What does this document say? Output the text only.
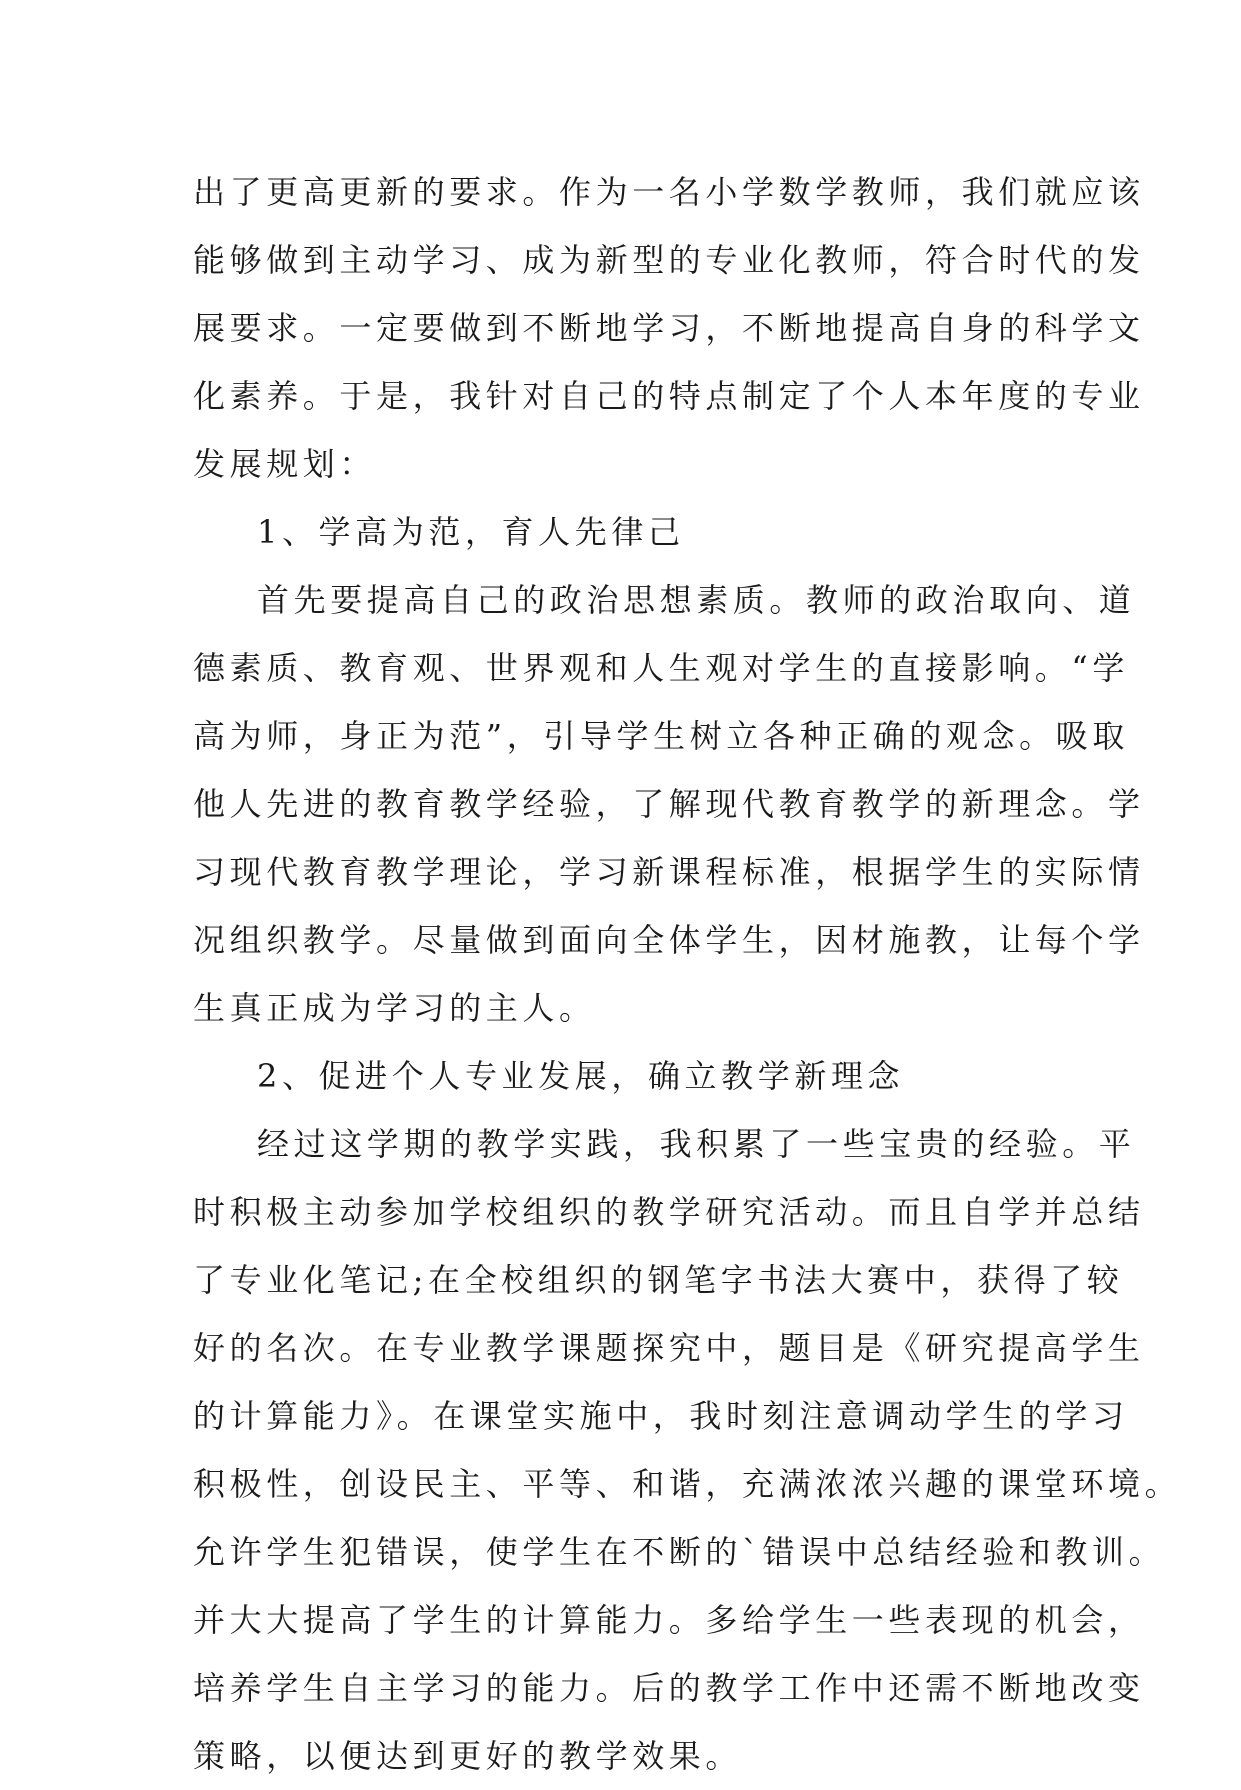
出了更高更新的要求。作为一名小学数学教师，我们就应该
能够做到主动学习、成为新型的专业化教师，符合时代的发
展要求。一定要做到不断地学习，不断地提高自身的科学文
化素养。于是，我针对自己的特点制定了个人本年度的专业
发展规划：
1、学高为范，育人先律己
首先要提高自己的政治思想素质。教师的政治取向、道
德素质、教育观、世界观和人生观对学生的直接影响。“学
高为师，身正为范”，引导学生树立各种正确的观念。吸取
他人先进的教育教学经验，了解现代教育教学的新理念。学
习现代教育教学理论，学习新课程标准，根据学生的实际情
况组织教学。尽量做到面向全体学生，因材施教，让每个学
生真正成为学习的主人。
2、促进个人专业发展，确立教学新理念
经过这学期的教学实践，我积累了一些宝贵的经验。平
时积极主动参加学校组织的教学研究活动。而且自学并总结
了专业化笔记;在全校组织的钢笔字书法大赛中，获得了较
好的名次。在专业教学课题探究中，题目是《研究提高学生
的计算能力》。在课堂实施中，我时刻注意调动学生的学习
积极性，创设民主、平等、和谐，充满浓浓兴趣的课堂环境。
允许学生犯错误，使学生在不断的`错误中总结经验和教训。
并大大提高了学生的计算能力。多给学生一些表现的机会，
培养学生自主学习的能力。后的教学工作中还需不断地改变
策略，以便达到更好的教学效果。
